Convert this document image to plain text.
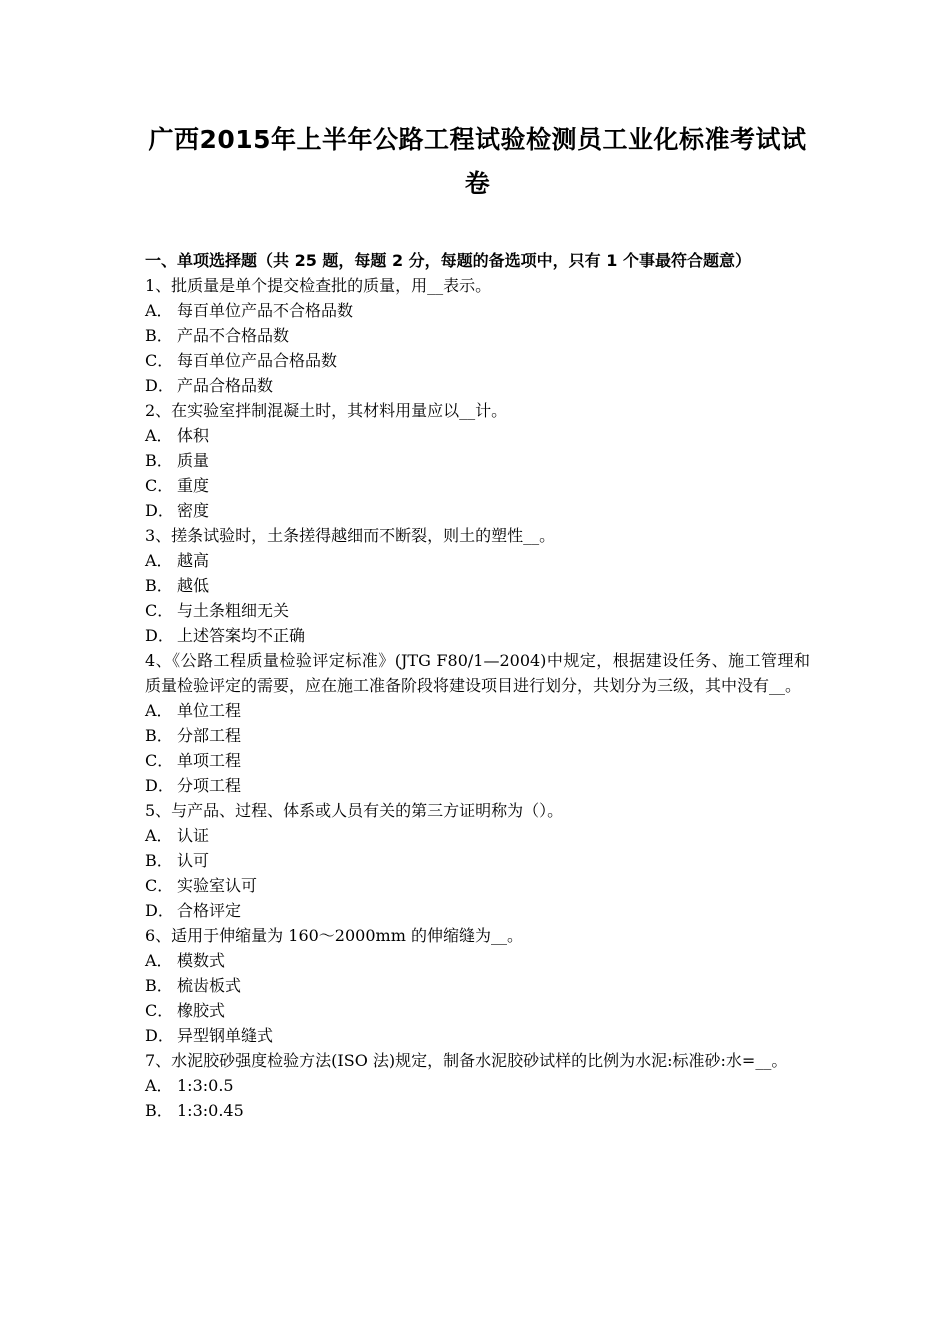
广西2015年上半年公路工程试验检测员工业化标准考试试
卷

一、单项选择题（共 25 题，每题 2 分，每题的备选项中，只有 1 个事最符合题意）

1、批质量是单个提交检查批的质量，用__表示。

A． 每百单位产品不合格品数
B． 产品不合格品数
C． 每百单位产品合格品数
D． 产品合格品数

2、在实验室拌制混凝土时，其材料用量应以__计。

A． 体积
B． 质量
C． 重度
D． 密度

3、搓条试验时，土条搓得越细而不断裂，则土的塑性__。

A． 越高
B． 越低
C． 与土条粗细无关
D． 上述答案均不正确

4、《公路工程质量检验评定标准》(JTG F80/1—2004)中规定，根据建设任务、施工管理和质量检验评定的需要，应在施工准备阶段将建设项目进行划分，共划分为三级，其中没有__。

A． 单位工程
B． 分部工程
C． 单项工程
D． 分项工程

5、与产品、过程、体系或人员有关的第三方证明称为（）。

A． 认证
B． 认可
C． 实验室认可
D． 合格评定

6、适用于伸缩量为 160～2000mm 的伸缩缝为__。

A． 模数式
B． 梳齿板式
C． 橡胶式
D． 异型钢单缝式

7、水泥胶砂强度检验方法(ISO 法)规定，制备水泥胶砂试样的比例为水泥:标准砂:水=__。

A． 1:3:0.5
B． 1:3:0.45
